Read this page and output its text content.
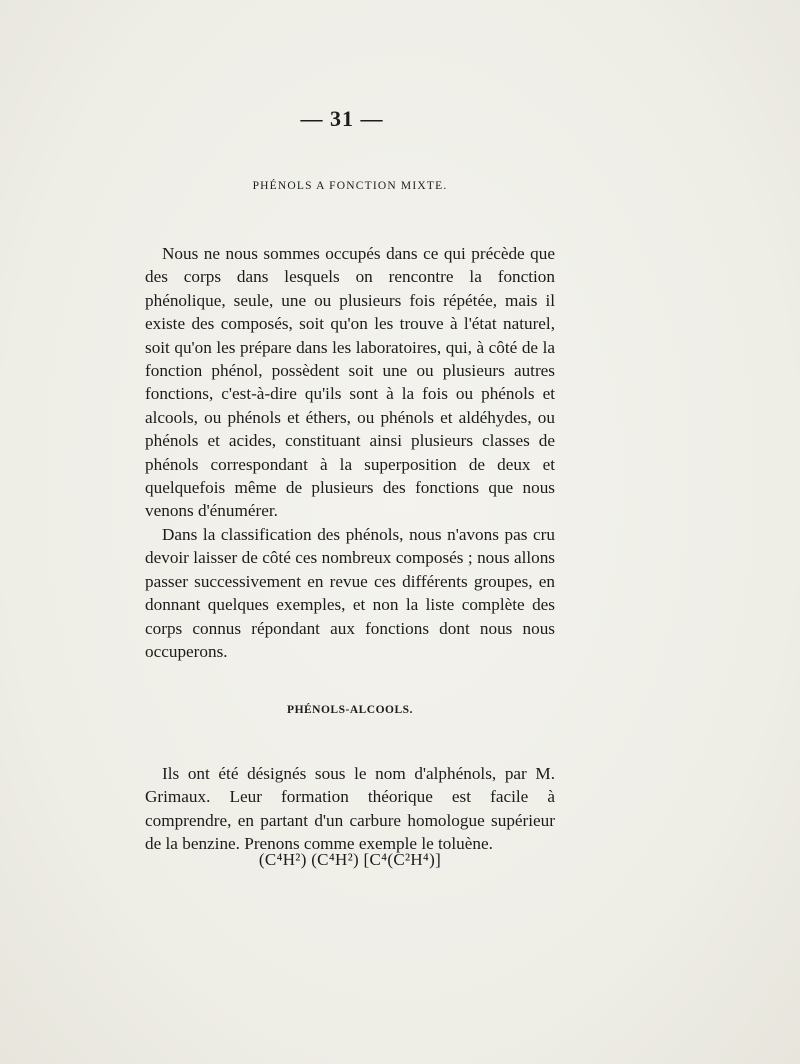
— 31 —
PHÉNOLS A FONCTION MIXTE.

Nous ne nous sommes occupés dans ce qui précède que des corps dans lesquels on rencontre la fonction phénolique, seule, une ou plusieurs fois répétée, mais il existe des composés, soit qu'on les trouve à l'état naturel, soit qu'on les prépare dans les laboratoires, qui, à côté de la fonction phénol, possèdent soit une ou plusieurs autres fonctions, c'est-à-dire qu'ils sont à la fois ou phénols et alcools, ou phénols et éthers, ou phénols et aldéhydes, ou phénols et acides, constituant ainsi plusieurs classes de phénols correspondant à la superposition de deux et quelquefois même de plusieurs des fonctions que nous venons d'énumérer.

Dans la classification des phénols, nous n'avons pas cru devoir laisser de côté ces nombreux composés ; nous allons passer successivement en revue ces différents groupes, en donnant quelques exemples, et non la liste complète des corps connus répondant aux fonctions dont nous nous occuperons.

PHÉNOLS-ALCOOLS.

Ils ont été désignés sous le nom d'alphénols, par M. Grimaux. Leur formation théorique est facile à comprendre, en partant d'un carbure homologue supérieur de la benzine. Prenons comme exemple le toluène.

(C⁴H²) (C⁴H²) [C⁴(C²H⁴)]
